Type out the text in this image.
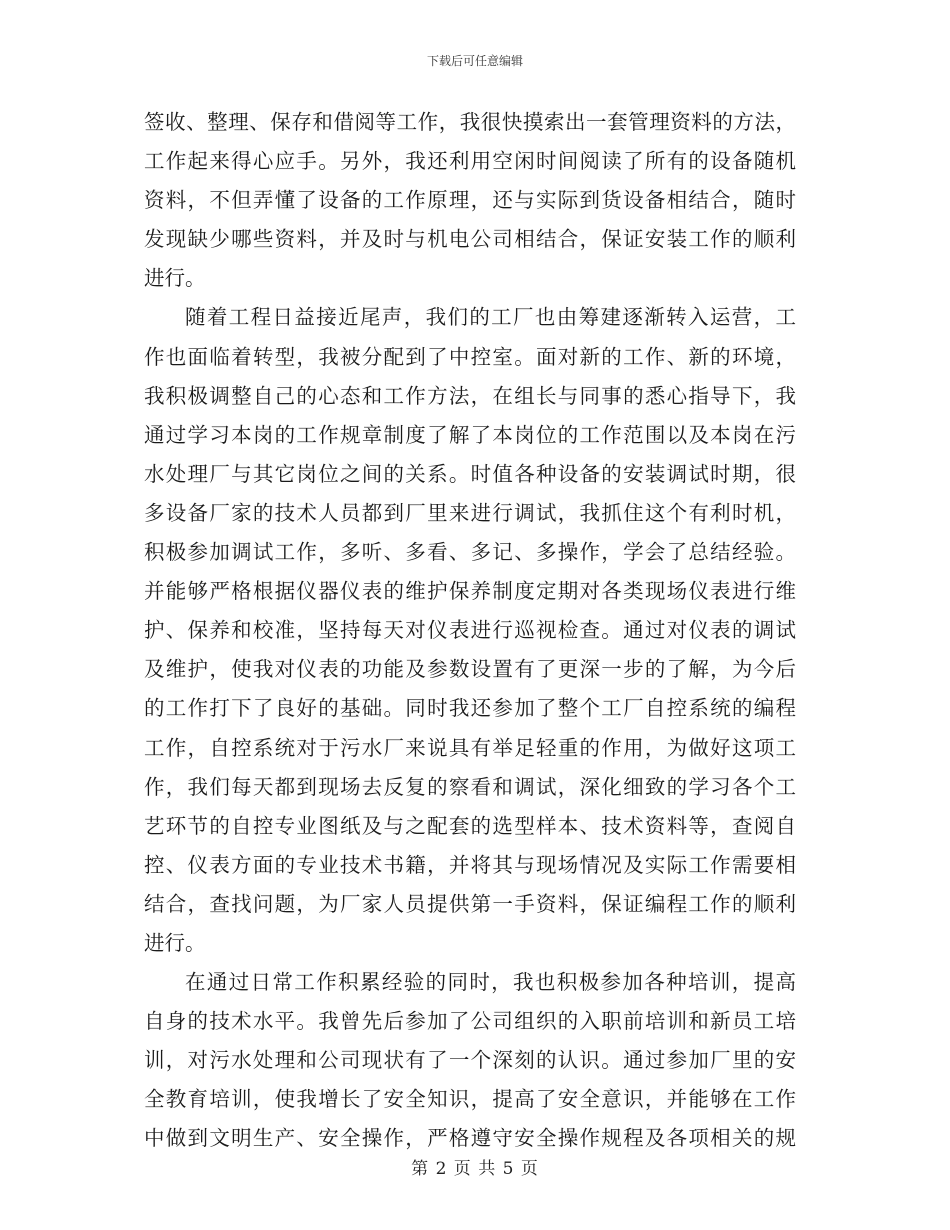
下载后可任意编辑
签收、整理、保存和借阅等工作，我很快摸索出一套管理资料的方法，
工作起来得心应手。另外，我还利用空闲时间阅读了所有的设备随机
资料，不但弄懂了设备的工作原理，还与实际到货设备相结合，随时
发现缺少哪些资料，并及时与机电公司相结合，保证安装工作的顺利
进行。
随着工程日益接近尾声，我们的工厂也由筹建逐渐转入运营，工
作也面临着转型，我被分配到了中控室。面对新的工作、新的环境，
我积极调整自己的心态和工作方法，在组长与同事的悉心指导下，我
通过学习本岗的工作规章制度了解了本岗位的工作范围以及本岗在污
水处理厂与其它岗位之间的关系。时值各种设备的安装调试时期，很
多设备厂家的技术人员都到厂里来进行调试，我抓住这个有利时机，
积极参加调试工作，多听、多看、多记、多操作，学会了总结经验。
并能够严格根据仪器仪表的维护保养制度定期对各类现场仪表进行维
护、保养和校准，坚持每天对仪表进行巡视检查。通过对仪表的调试
及维护，使我对仪表的功能及参数设置有了更深一步的了解，为今后
的工作打下了良好的基础。同时我还参加了整个工厂自控系统的编程
工作，自控系统对于污水厂来说具有举足轻重的作用，为做好这项工
作，我们每天都到现场去反复的察看和调试，深化细致的学习各个工
艺环节的自控专业图纸及与之配套的选型样本、技术资料等，查阅自
控、仪表方面的专业技术书籍，并将其与现场情况及实际工作需要相
结合，查找问题，为厂家人员提供第一手资料，保证编程工作的顺利
进行。
在通过日常工作积累经验的同时，我也积极参加各种培训，提高
自身的技术水平。我曾先后参加了公司组织的入职前培训和新员工培
训，对污水处理和公司现状有了一个深刻的认识。通过参加厂里的安
全教育培训，使我增长了安全知识，提高了安全意识，并能够在工作
中做到文明生产、安全操作，严格遵守安全操作规程及各项相关的规
第 2 页 共 5 页
